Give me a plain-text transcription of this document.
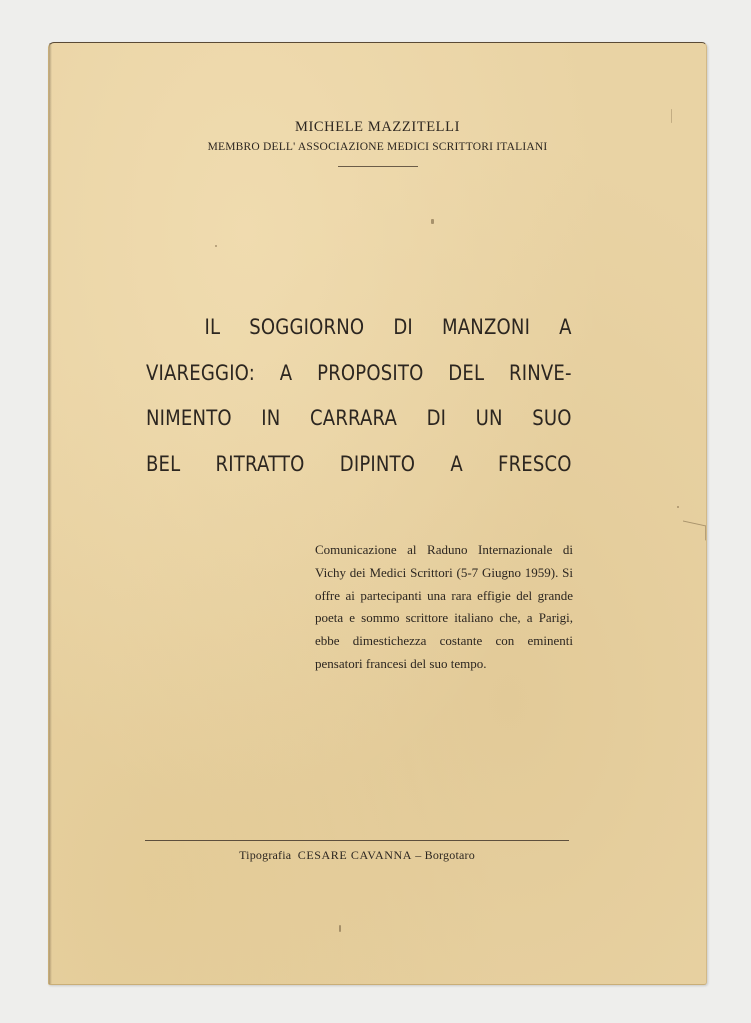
MICHELE MAZZITELLI
MEMBRO DELL' ASSOCIAZIONE MEDICI SCRITTORI ITALIANI
IL SOGGIORNO DI MANZONI A
VIAREGGIO: A PROPOSITO DEL RINVE-
NIMENTO IN CARRARA DI UN SUO
BEL RITRATTO DIPINTO A FRESCO
Comunicazione al Raduno Internazionale di Vichy dei Medici Scrittori (5-7 Giugno 1959). Si offre ai partecipanti una rara effigie del grande poeta e sommo scrittore italiano che, a Parigi, ebbe dimestichezza costante con eminenti pensatori francesi del suo tempo.
Tipografia CESARE CAVANNA – Borgotaro
